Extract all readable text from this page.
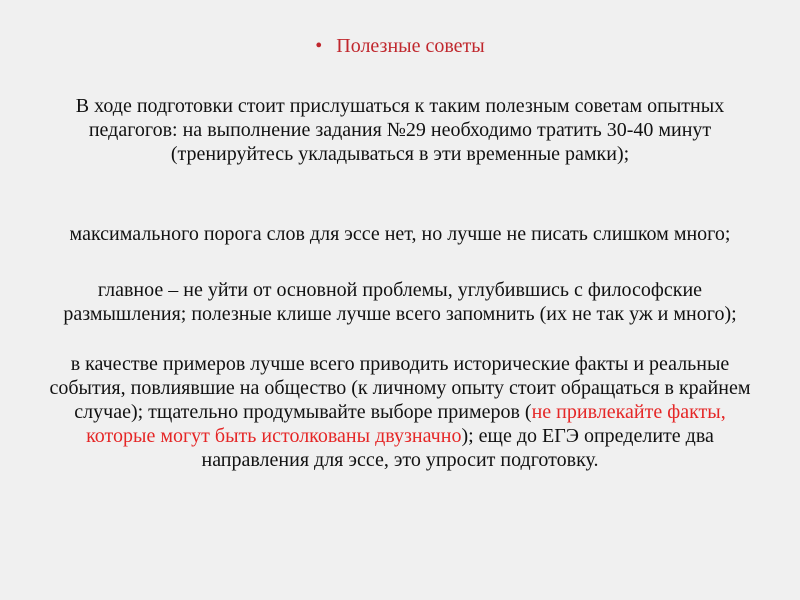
• Полезные советы

В ходе подготовки стоит прислушаться к таким полезным советам опытных педагогов: на выполнение задания №29 необходимо тратить 30-40 минут (тренируйтесь укладываться в эти временные рамки);

максимального порога слов для эссе нет, но лучше не писать слишком много;

главное – не уйти от основной проблемы, углубившись с философские размышления; полезные клише лучше всего запомнить (их не так уж и много);

в качестве примеров лучше всего приводить исторические факты и реальные события, повлиявшие на общество (к личному опыту стоит обращаться в крайнем случае); тщательно продумывайте выборе примеров (не привлекайте факты, которые могут быть истолкованы двузначно); еще до ЕГЭ определите два направления для эссе, это упросит подготовку.
